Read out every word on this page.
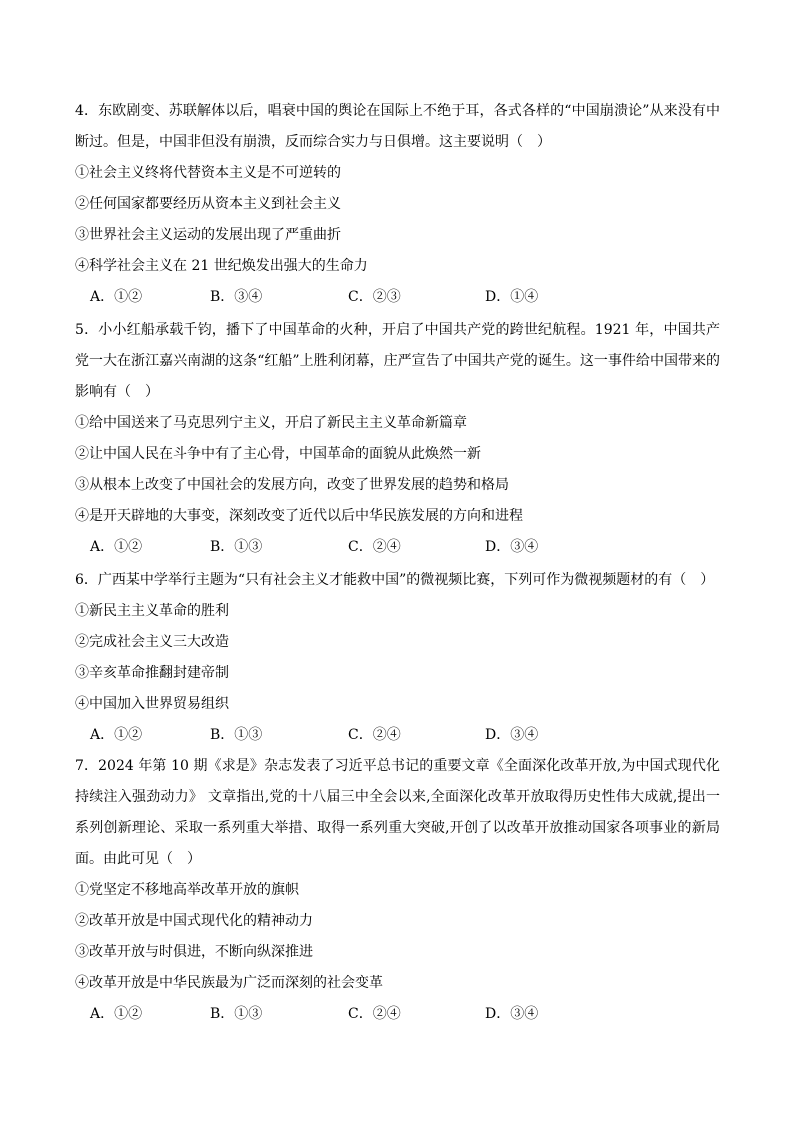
4．东欧剧变、苏联解体以后，唱衰中国的舆论在国际上不绝于耳，各式各样的“中国崩溃论”从来没有中断过。但是，中国非但没有崩溃，反而综合实力与日俱增。这主要说明（　）

①社会主义终将代替资本主义是不可逆转的

②任何国家都要经历从资本主义到社会主义

③世界社会主义运动的发展出现了严重曲折

④科学社会主义在 21 世纪焕发出强大的生命力

A．①②	B．③④	C．②③	D．①④

5．小小红船承载千钧，播下了中国革命的火种，开启了中国共产党的跨世纪航程。1921 年，中国共产党一大在浙江嘉兴南湖的这条“红船”上胜利闭幕，庄严宣告了中国共产党的诞生。这一事件给中国带来的影响有（　）

①给中国送来了马克思列宁主义，开启了新民主主义革命新篇章

②让中国人民在斗争中有了主心骨，中国革命的面貌从此焕然一新

③从根本上改变了中国社会的发展方向，改变了世界发展的趋势和格局

④是开天辟地的大事变，深刻改变了近代以后中华民族发展的方向和进程

A．①②	B．①③	C．②④	D．③④

6．广西某中学举行主题为“只有社会主义才能救中国”的微视频比赛，下列可作为微视频题材的有（　）

①新民主主义革命的胜利

②完成社会主义三大改造

③辛亥革命推翻封建帝制

④中国加入世界贸易组织

A．①②	B．①③	C．②④	D．③④

7．2024 年第 10 期《求是》杂志发表了习近平总书记的重要文章《全面深化改革开放,为中国式现代化持续注入强劲动力》 文章指出,党的十八届三中全会以来,全面深化改革开放取得历史性伟大成就,提出一系列创新理论、采取一系列重大举措、取得一系列重大突破,开创了以改革开放推动国家各项事业的新局面。由此可见（　）

①党坚定不移地高举改革开放的旗帜

②改革开放是中国式现代化的精神动力

③改革开放与时俱进，不断向纵深推进

④改革开放是中华民族最为广泛而深刻的社会变革

A．①②	B．①③	C．②④	D．③④
